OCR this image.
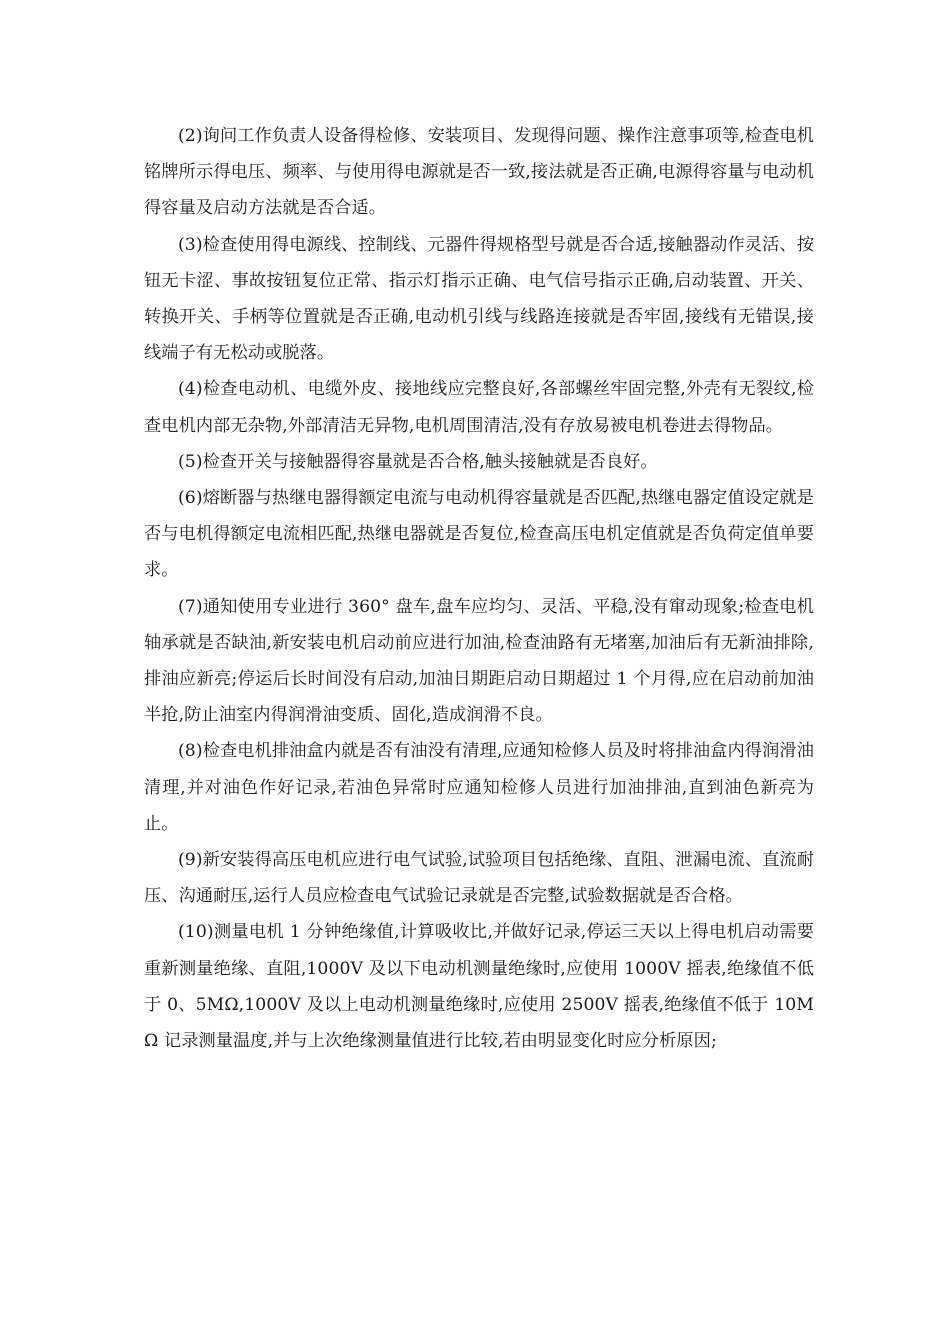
(2)询问工作负责人设备得检修、安装项目、发现得问题、操作注意事项等,检查电机铭牌所示得电压、频率、与使用得电源就是否一致,接法就是否正确,电源得容量与电动机得容量及启动方法就是否合适。

(3)检查使用得电源线、控制线、元器件得规格型号就是否合适,接触器动作灵活、按钮无卡涩、事故按钮复位正常、指示灯指示正确、电气信号指示正确,启动装置、开关、转换开关、手柄等位置就是否正确,电动机引线与线路连接就是否牢固,接线有无错误,接线端子有无松动或脱落。

(4)检查电动机、电缆外皮、接地线应完整良好,各部螺丝牢固完整,外壳有无裂纹,检查电机内部无杂物,外部清洁无异物,电机周围清洁,没有存放易被电机卷进去得物品。

(5)检查开关与接触器得容量就是否合格,触头接触就是否良好。

(6)熔断器与热继电器得额定电流与电动机得容量就是否匹配,热继电器定值设定就是否与电机得额定电流相匹配,热继电器就是否复位,检查高压电机定值就是否负荷定值单要求。

(7)通知使用专业进行 360° 盘车,盘车应均匀、灵活、平稳,没有窜动现象;检查电机轴承就是否缺油,新安装电机启动前应进行加油,检查油路有无堵塞,加油后有无新油排除,排油应新亮;停运后长时间没有启动,加油日期距启动日期超过 1 个月得,应在启动前加油半抢,防止油室内得润滑油变质、固化,造成润滑不良。

(8)检查电机排油盒内就是否有油没有清理,应通知检修人员及时将排油盒内得润滑油清理,并对油色作好记录,若油色异常时应通知检修人员进行加油排油,直到油色新亮为止。

(9)新安装得高压电机应进行电气试验,试验项目包括绝缘、直阻、泄漏电流、直流耐压、沟通耐压,运行人员应检查电气试验记录就是否完整,试验数据就是否合格。

(10)测量电机 1 分钟绝缘值,计算吸收比,并做好记录,停运三天以上得电机启动需要重新测量绝缘、直阻,1000V 及以下电动机测量绝缘时,应使用 1000V 摇表,绝缘值不低于 0、5MΩ,1000V 及以上电动机测量绝缘时,应使用 2500V 摇表,绝缘值不低于 10MΩ 记录测量温度,并与上次绝缘测量值进行比较,若由明显变化时应分析原因;
